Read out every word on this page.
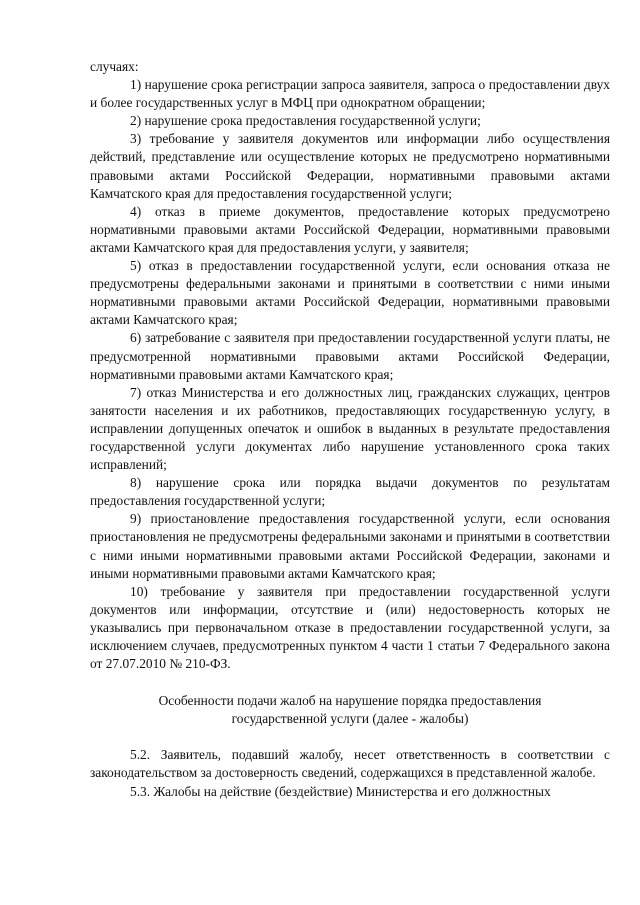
случаях:

1) нарушение срока регистрации запроса заявителя, запроса о предоставлении двух и более государственных услуг в МФЦ при однократном обращении;

2) нарушение срока предоставления государственной услуги;

3) требование у заявителя документов или информации либо осуществления действий, представление или осуществление которых не предусмотрено нормативными правовыми актами Российской Федерации, нормативными правовыми актами Камчатского края для предоставления государственной услуги;

4) отказ в приеме документов, предоставление которых предусмотрено нормативными правовыми актами Российской Федерации, нормативными правовыми актами Камчатского края для предоставления услуги, у заявителя;

5) отказ в предоставлении государственной услуги, если основания отказа не предусмотрены федеральными законами и принятыми в соответствии с ними иными нормативными правовыми актами Российской Федерации, нормативными правовыми актами Камчатского края;

6) затребование с заявителя при предоставлении государственной услуги платы, не предусмотренной нормативными правовыми актами Российской Федерации, нормативными правовыми актами Камчатского края;

7) отказ Министерства и его должностных лиц, гражданских служащих, центров занятости населения и их работников, предоставляющих государственную услугу, в исправлении допущенных опечаток и ошибок в выданных в результате предоставления государственной услуги документах либо нарушение установленного срока таких исправлений;

8) нарушение срока или порядка выдачи документов по результатам предоставления государственной услуги;

9) приостановление предоставления государственной услуги, если основания приостановления не предусмотрены федеральными законами и принятыми в соответствии с ними иными нормативными правовыми актами Российской Федерации, законами и иными нормативными правовыми актами Камчатского края;

10) требование у заявителя при предоставлении государственной услуги документов или информации, отсутствие и (или) недостоверность которых не указывались при первоначальном отказе в предоставлении государственной услуги, за исключением случаев, предусмотренных пунктом 4 части 1 статьи 7 Федерального закона от 27.07.2010 № 210-ФЗ.

Особенности подачи жалоб на нарушение порядка предоставления
государственной услуги (далее - жалобы)

5.2. Заявитель, подавший жалобу, несет ответственность в соответствии с законодательством за достоверность сведений, содержащихся в представленной жалобе.

5.3. Жалобы на действие (бездействие) Министерства и его должностных
